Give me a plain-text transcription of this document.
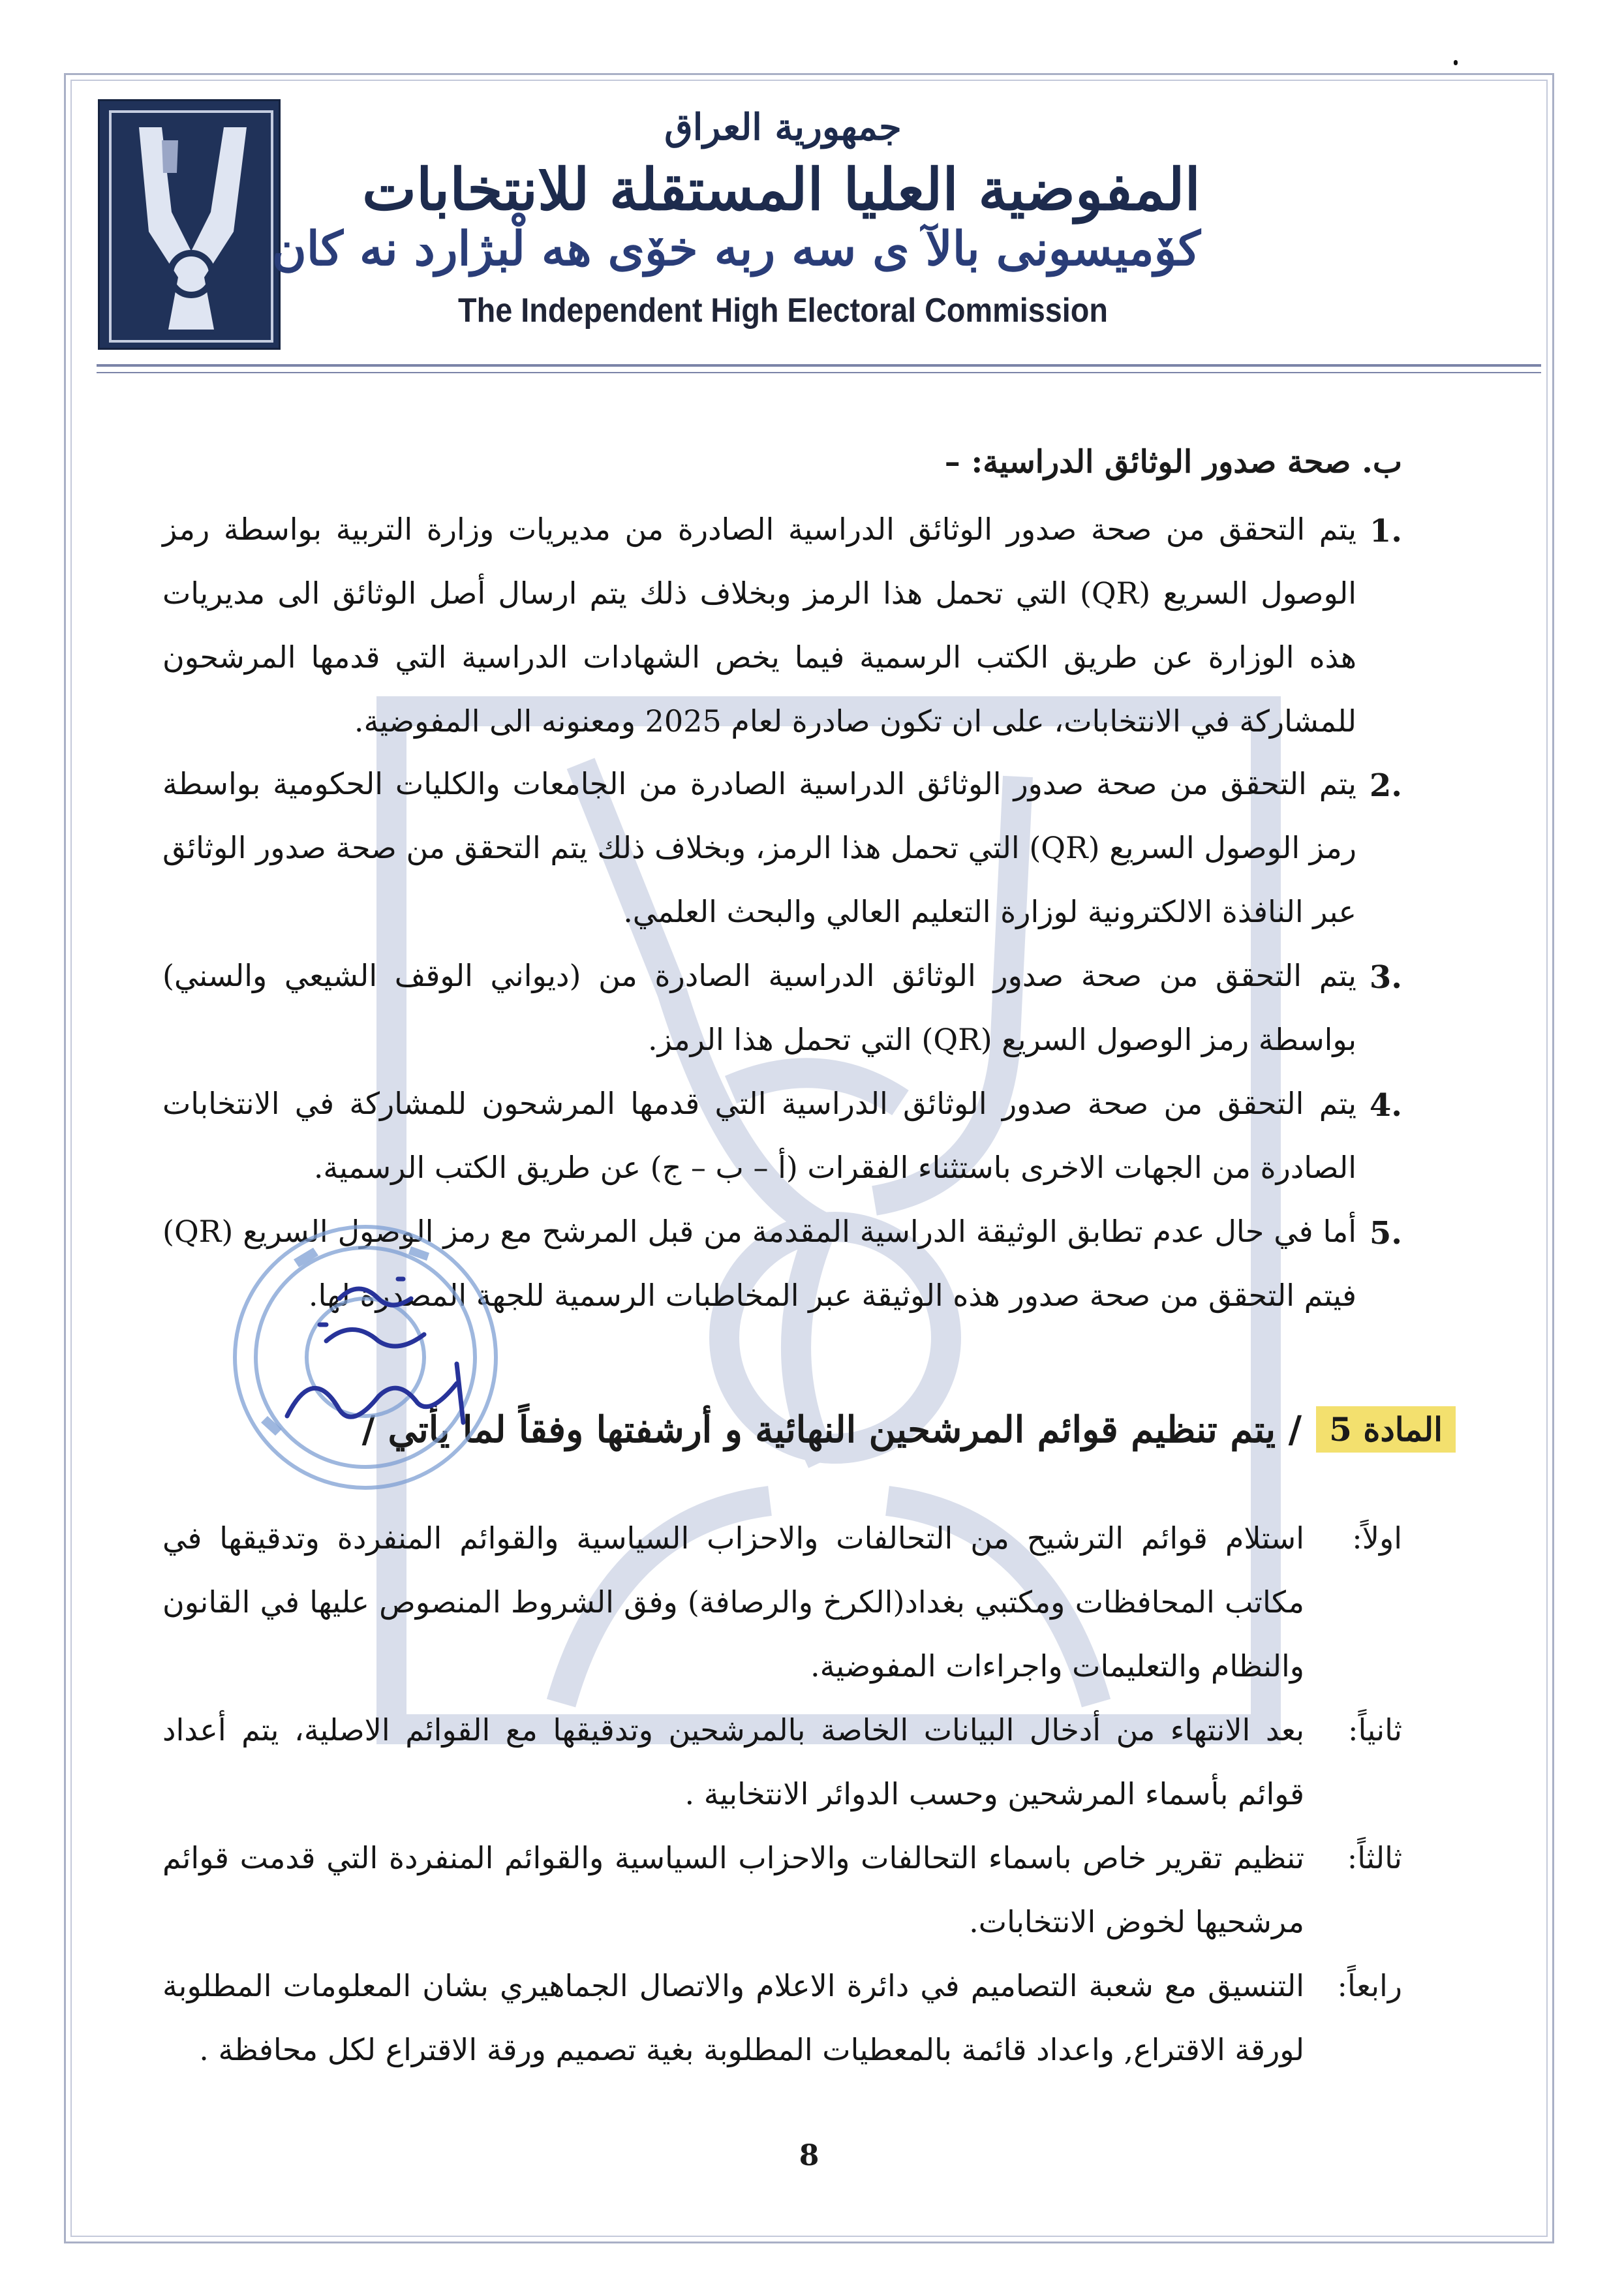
جمهورية العراق
المفوضية العليا المستقلة للانتخابات
كۆميسونى بالآ ى سه ربه خۆى هه لْبژارد نه كان
The Independent High Electoral Commission
ب. صحة صدور الوثائق الدراسية: –
1.
يتم التحقق من صحة صدور الوثائق الدراسية الصادرة من مديريات وزارة التربية بواسطة رمز الوصول السريع (QR) التي تحمل هذا الرمز وبخلاف ذلك يتم ارسال أصل الوثائق الى مديريات هذه الوزارة عن طريق الكتب الرسمية فيما يخص الشهادات الدراسية التي قدمها المرشحون للمشاركة في الانتخابات، على ان تكون صادرة لعام 2025 ومعنونه الى المفوضية.
2.
يتم التحقق من صحة صدور الوثائق الدراسية الصادرة من الجامعات والكليات الحكومية بواسطة رمز الوصول السريع (QR) التي تحمل هذا الرمز، وبخلاف ذلك يتم التحقق من صحة صدور الوثائق عبر النافذة الالكترونية لوزارة التعليم العالي والبحث العلمي.
3.
يتم التحقق من صحة صدور الوثائق الدراسية الصادرة من (ديواني الوقف الشيعي والسني) بواسطة رمز الوصول السريع (QR) التي تحمل هذا الرمز.
4.
يتم التحقق من صحة صدور الوثائق الدراسية التي قدمها المرشحون للمشاركة في الانتخابات الصادرة من الجهات الاخرى باستثناء الفقرات (أ – ب – ج) عن طريق الكتب الرسمية.
5.
أما في حال عدم تطابق الوثيقة الدراسية المقدمة من قبل المرشح مع رمز الوصول السريع (QR) فيتم التحقق من صحة صدور هذه الوثيقة عبر المخاطبات الرسمية للجهة المصدرة لها.
المادة 5
/ يتم تنظيم قوائم المرشحين النهائية و أرشفتها وفقاً لما يأتي /
اولاً:
استلام قوائم الترشيح من التحالفات والاحزاب السياسية والقوائم المنفردة وتدقيقها في مكاتب المحافظات ومكتبي بغداد(الكرخ والرصافة) وفق الشروط المنصوص عليها في القانون والنظام والتعليمات واجراءات المفوضية.
ثانياً:
بعد الانتهاء من أدخال البيانات الخاصة بالمرشحين وتدقيقها مع القوائم الاصلية، يتم أعداد قوائم بأسماء المرشحين وحسب الدوائر الانتخابية .
ثالثاً:
تنظيم تقرير خاص باسماء التحالفات والاحزاب السياسية والقوائم المنفردة التي قدمت قوائم مرشحيها لخوض الانتخابات.
رابعاً:
التنسيق مع شعبة التصاميم في دائرة الاعلام والاتصال الجماهيري بشان المعلومات المطلوبة لورقة الاقتراع, واعداد قائمة بالمعطيات المطلوبة بغية تصميم ورقة الاقتراع لكل محافظة .
8
